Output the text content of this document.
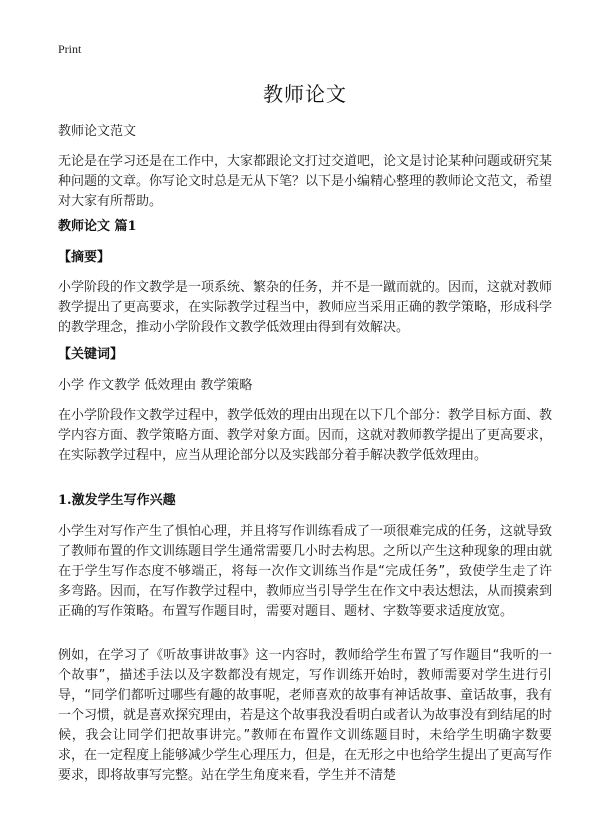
Print
教师论文

教师论文范文

无论是在学习还是在工作中，大家都跟论文打过交道吧，论文是讨论某种问题或研究某种问题的文章。你写论文时总是无从下笔？以下是小编精心整理的教师论文范文，希望对大家有所帮助。

教师论文 篇1

【摘要】

小学阶段的作文教学是一项系统、繁杂的任务，并不是一蹴而就的。因而，这就对教师教学提出了更高要求，在实际教学过程当中，教师应当采用正确的教学策略，形成科学的教学理念，推动小学阶段作文教学低效理由得到有效解决。

【关键词】

小学 作文教学 低效理由 教学策略

在小学阶段作文教学过程中，教学低效的理由出现在以下几个部分：教学目标方面、教学内容方面、教学策略方面、教学对象方面。因而，这就对教师教学提出了更高要求，在实际教学过程中，应当从理论部分以及实践部分着手解决教学低效理由。

1.激发学生写作兴趣

小学生对写作产生了惧怕心理，并且将写作训练看成了一项很难完成的任务，这就导致了教师布置的作文训练题目学生通常需要几小时去构思。之所以产生这种现象的理由就在于学生写作态度不够端正，将每一次作文训练当作是“完成任务”，致使学生走了许多弯路。因而，在写作教学过程中，教师应当引导学生在作文中表达想法，从而摸索到正确的写作策略。布置写作题目时，需要对题目、题材、字数等要求适度放宽。

例如，在学习了《听故事讲故事》这一内容时，教师给学生布置了写作题目“我听的一个故事”，描述手法以及字数都没有规定，写作训练开始时，教师需要对学生进行引导，“同学们都听过哪些有趣的故事呢，老师喜欢的故事有神话故事、童话故事，我有一个习惯，就是喜欢探究理由，若是这个故事我没看明白或者认为故事没有到结尾的时候，我会让同学们把故事讲完。”教师在布置作文训练题目时，未给学生明确字数要求，在一定程度上能够减少学生心理压力，但是，在无形之中也给学生提出了更高写作要求，即将故事写完整。站在学生角度来看，学生并不清楚
